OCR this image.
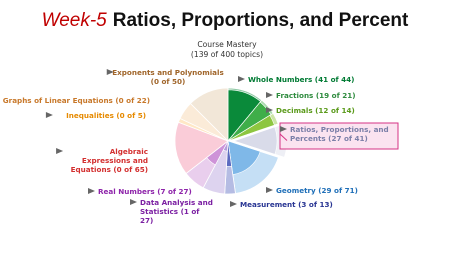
Week-5 Ratios, Proportions, and Percent
Course Mastery
(139 of 400 topics)
Whole Numbers (41 of 44)
Fractions (19 of 21)
Decimals (12 of 14)
Ratios, Proportions, and Percents (27 of 41)
Geometry (29 of 71)
Measurement (3 of 13)
Data Analysis and Statistics (1 of 27)
Real Numbers (7 of 27)
Algebraic Expressions and Equations (0 of 65)
Inequalities (0 of 5)
Graphs of Linear Equations (0 of 22)
Exponents and Polynomials (0 of 50)
